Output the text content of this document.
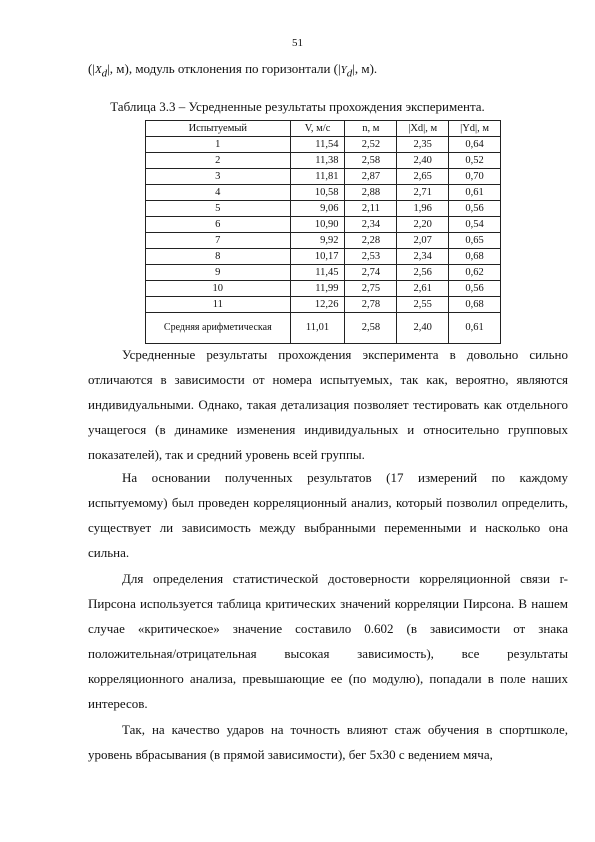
51
($|X_d|$, м), модуль отклонения по горизонтали ($|Y_d|$, м).
Таблица 3.3 – Усредненные результаты прохождения эксперимента.
Испытуемый	V, м/с	n, м	|Xd|, м	|Yd|, м
1	11,54	2,52	2,35	0,64
2	11,38	2,58	2,40	0,52
3	11,81	2,87	2,65	0,70
4	10,58	2,88	2,71	0,61
5	9,06	2,11	1,96	0,56
6	10,90	2,34	2,20	0,54
7	9,92	2,28	2,07	0,65
8	10,17	2,53	2,34	0,68
9	11,45	2,74	2,56	0,62
10	11,99	2,75	2,61	0,56
11	12,26	2,78	2,55	0,68
Средняя арифметическая	11,01	2,58	2,40	0,61
Усредненные результаты прохождения эксперимента в довольно сильно отличаются в зависимости от номера испытуемых, так как, вероятно, являются индивидуальными. Однако, такая детализация позволяет тестировать как отдельного учащегося (в динамике изменения индивидуальных и относительно групповых показателей), так и средний уровень всей группы.
На основании полученных результатов (17 измерений по каждому испытуемому) был проведен корреляционный анализ, который позволил определить, существует ли зависимость между выбранными переменными и насколько она сильна.
Для определения статистической достоверности корреляционной связи r-Пирсона используется таблица критических значений корреляции Пирсона. В нашем случае «критическое» значение составило 0.602 (в зависимости от знака положительная/отрицательная высокая зависимость), все результаты корреляционного анализа, превышающие ее (по модулю), попадали в поле наших интересов.
Так, на качество ударов на точность влияют стаж обучения в спортшколе, уровень вбрасывания (в прямой зависимости), бег 5х30 с ведением мяча,
